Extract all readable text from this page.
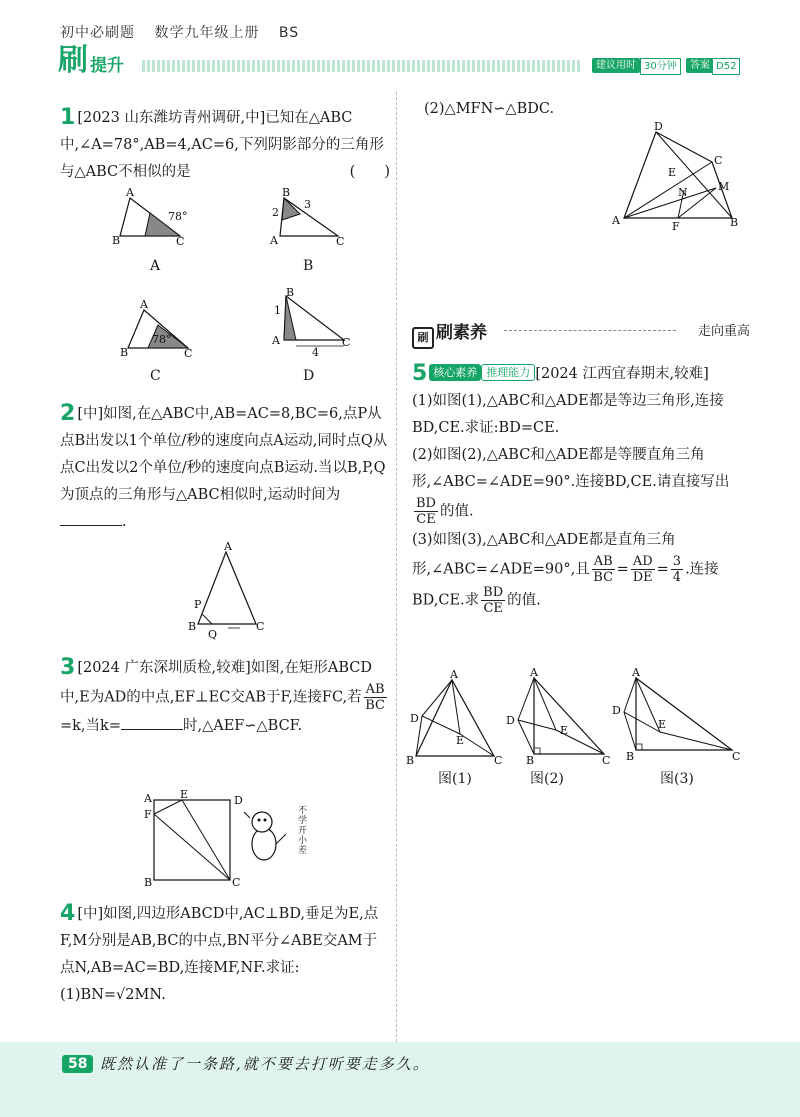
初中必刷题 数学九年级上册 BS
刷 提升	建议用时 30分钟	答案 D52
1 [2023 山东潍坊青州调研,中]已知在△ABC中,∠A=78°,AB=4,AC=6,下列阴影部分的三角形与△ABC不相似的是	(　　)
A
B	C
78°
A
B
A	C
2
3
B
A
B	C
78°
C
B
A	C
1
4
D
2 [中]如图,在△ABC中,AB=AC=8,BC=6,点P从点B出发以1个单位/秒的速度向点A运动,同时点Q从点C出发以2个单位/秒的速度向点B运动.当以B,P,Q为顶点的三角形与△ABC相似时,运动时间为.
A
B	C
P
Q
3 [2024 广东深圳质检,较难]如图,在矩形ABCD中,E为AD的中点,EF⊥EC交AB于F,连接FC,若 $\frac{AB}{BC}$
=k,当k=	时,△AEF∽△BCF.
A	E	D
F
B	C
不学开小差
4 [中]如图,四边形ABCD中,AC⊥BD,垂足为E,点F,M分别是AB,BC的中点,BN平分∠ABE交AM于点N,AB=AC=BD,连接MF,NF.求证:
(1)BN=√2MN.
(2)△MFN∽△BDC.
D
C
E
N	M
A	B
F
刷 刷素养	走向重高
5 核心素养 推理能力 [2024 江西宜春期末,较难]
(1)如图(1),△ABC和△ADE都是等边三角形,连接BD,CE.求证:BD=CE.
(2)如图(2),△ABC和△ADE都是等腰直角三角形,∠ABC=∠ADE=90°.连接BD,CE.请直接写出
$\frac{BD}{CE}$ 的值.
(3)如图(3),△ABC和△ADE都是直角三角形,∠ABC=∠ADE=90°,且 $\frac{AB}{BC} = \frac{AD}{DE} = \frac{3}{4}$ .连接BD,CE.求 $\frac{BD}{CE}$ 的值.
A
D
E
B	C
图(1)
A
D
E
B	C
图(2)
A
D
E
B	C
图(3)
58 既然认准了一条路,就不要去打听要走多久。
